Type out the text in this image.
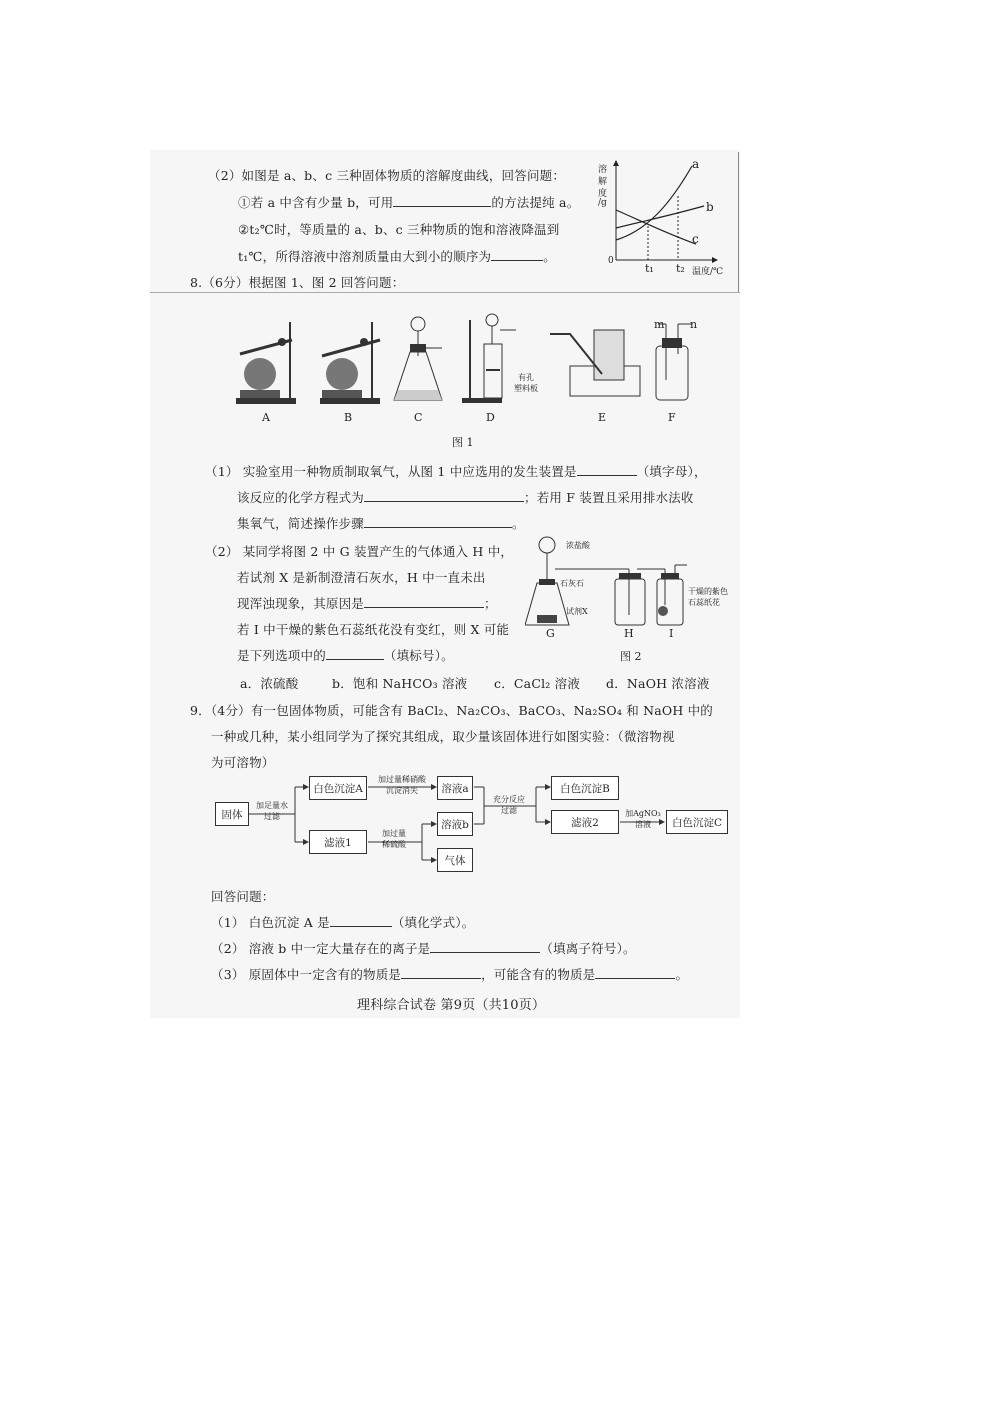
（2）如图是 a、b、c 三种固体物质的溶解度曲线，回答问题：
①若 a 中含有少量 b，可用	的方法提纯 a。
②t₂℃时，等质量的 a、b、c 三种物质的饱和溶液降温到
t₁℃，所得溶液中溶剂质量由大到小的顺序为	。
溶
解
度
/g
0
t₁ t₂ 温度/℃
a
b
c
8.（6分）根据图 1、图 2 回答问题：
有孔
塑料板
m n
A	B	C	D	E	F
图 1
（1） 实验室用一种物质制取氧气，从图 1 中应选用的发生装置是	（填字母），
该反应的化学方程式为	；若用 F 装置且采用排水法收
集氧气，简述操作步骤	。
（2） 某同学将图 2 中 G 装置产生的气体通入 H 中，
若试剂 X 是新制澄清石灰水，H 中一直未出
现浑浊现象，其原因是	；
若 I 中干燥的紫色石蕊纸花没有变红，则 X 可能
是下列选项中的	（填标号）。
浓盐酸
石灰石
试剂X
干燥的紫色
石蕊纸花
G	H	I
图 2
a．浓硫酸	b．饱和 NaHCO₃ 溶液 c．CaCl₂ 溶液 d．NaOH 浓溶液
9．（4分）有一包固体物质，可能含有 BaCl₂、Na₂CO₃、BaCO₃、Na₂SO₄ 和 NaOH 中的
一种或几种，某小组同学为了探究其组成，取少量该固体进行如图实验：（微溶物视
为可溶物）
固体
加足量水
过滤
白色沉淀A
加过量稀硝酸
沉淀消失	溶液a
滤液1
加过量
稀硫酸
溶液b
气体
充分反应
过滤
白色沉淀B
滤液2
加AgNO₃
溶液	白色沉淀C
回答问题：
（1） 白色沉淀 A 是	（填化学式）。
（2） 溶液 b 中一定大量存在的离子是	（填离子符号）。
（3） 原固体中一定含有的物质是	，可能含有的物质是	。
理科综合试卷 第9页（共10页）
